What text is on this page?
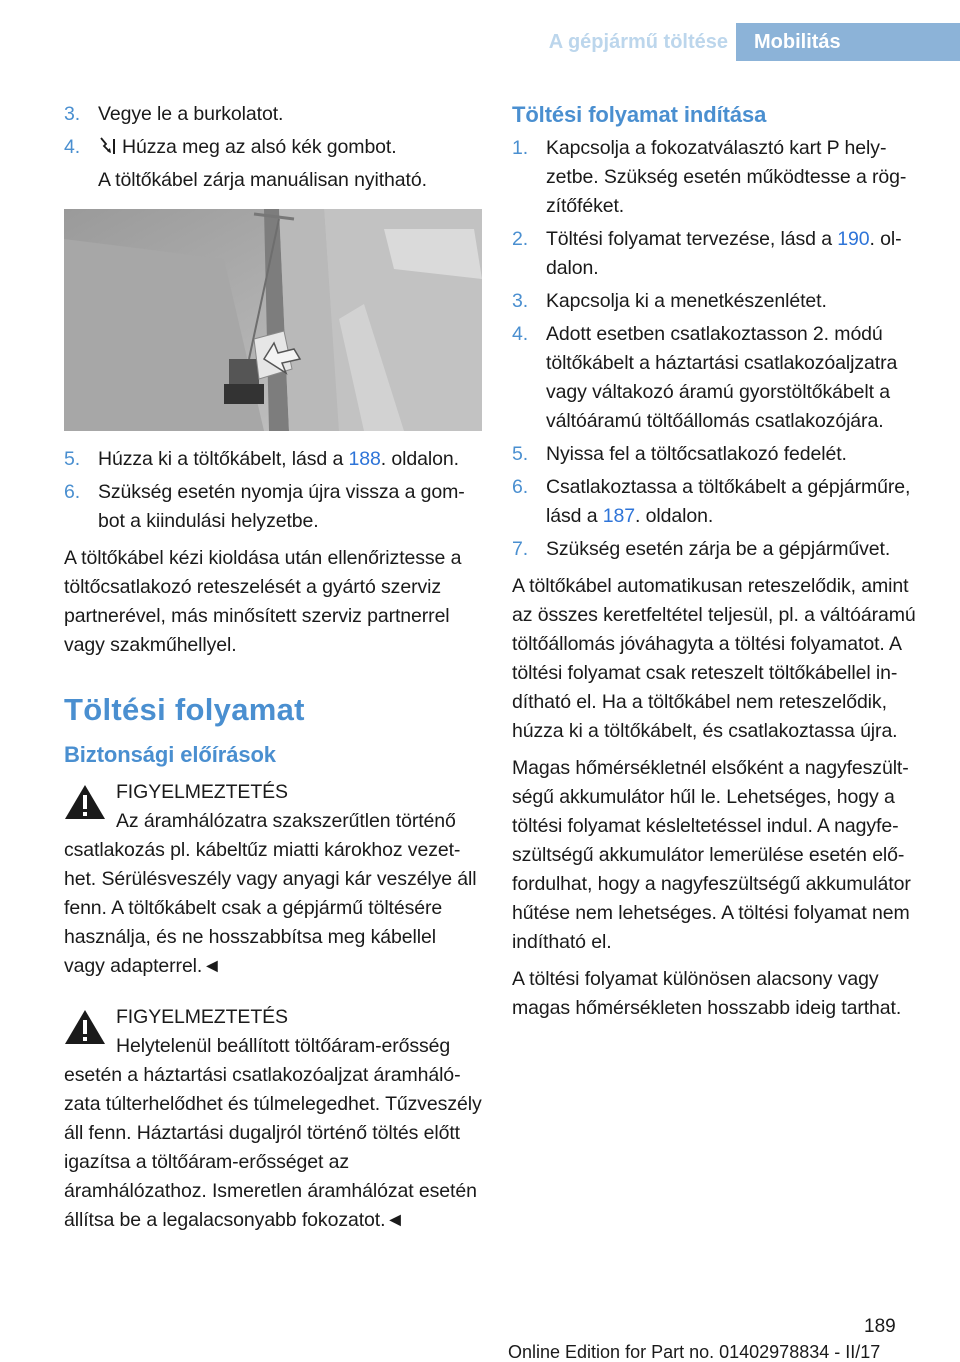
A gépjármű töltése	Mobilitás
3. Vegye le a burkolatot.
4. Húzza meg az alsó kék gombot.
A töltőkábel zárja manuálisan nyitható.
5. Húzza ki a töltőkábelt, lásd a 188. oldalon.
6. Szükség esetén nyomja újra vissza a gombot a kiindulási helyzetbe.
A töltőkábel kézi kioldása után ellenőriztesse a töltőcsatlakozó reteszelését a gyártó szerviz partnerével, más minősített szerviz partnerrel vagy szakműhellyel.
Töltési folyamat
Biztonsági előírások
FIGYELMEZTETÉS
Az áramhálózatra szakszerűtlen történő
csatlakozás pl. kábeltűz miatti károkhoz vezethet. Sérülésveszély vagy anyagi kár veszélye áll fenn. A töltőkábelt csak a gépjármű töltésére használja, és ne hosszabbítsa meg kábellel vagy adapterrel.◄
FIGYELMEZTETÉS
Helytelenül beállított töltőáram-erősség
esetén a háztartási csatlakozóaljzat áramhálózata túlterhelődhet és túlmelegedhet. Tűzveszély áll fenn. Háztartási dugaljról történő töltés előtt igazítsa a töltőáram-erősséget az áramhálózathoz. Ismeretlen áramhálózat esetén állítsa be a legalacsonyabb fokozatot.◄
Töltési folyamat indítása
1. Kapcsolja a fokozatválasztó kart P helyzetbe. Szükség esetén működtesse a rögzítőféket.
2. Töltési folyamat tervezése, lásd a 190. oldalon.
3. Kapcsolja ki a menetkészenlétet.
4. Adott esetben csatlakoztasson 2. módú töltőkábelt a háztartási csatlakozóaljzatra vagy váltakozó áramú gyorstöltőkábelt a váltóáramú töltőállomás csatlakozójára.
5. Nyissa fel a töltőcsatlakozó fedelét.
6. Csatlakoztassa a töltőkábelt a gépjárműre, lásd a 187. oldalon.
7. Szükség esetén zárja be a gépjárművet.
A töltőkábel automatikusan reteszelődik, amint az összes keretfeltétel teljesül, pl. a váltóáramú töltőállomás jóváhagyta a töltési folyamatot. A töltési folyamat csak reteszelt töltőkábellel indítható el. Ha a töltőkábel nem reteszelődik, húzza ki a töltőkábelt, és csatlakoztassa újra.
Magas hőmérsékletnél elsőként a nagyfeszültségű akkumulátor hűl le. Lehetséges, hogy a töltési folyamat késleltetéssel indul. A nagyfeszültségű akkumulátor lemerülése esetén előfordulhat, hogy a nagyfeszültségű akkumulátor hűtése nem lehetséges. A töltési folyamat nem indítható el.
A töltési folyamat különösen alacsony vagy magas hőmérsékleten hosszabb ideig tarthat.
189
Online Edition for Part no. 01402978834 - II/17
